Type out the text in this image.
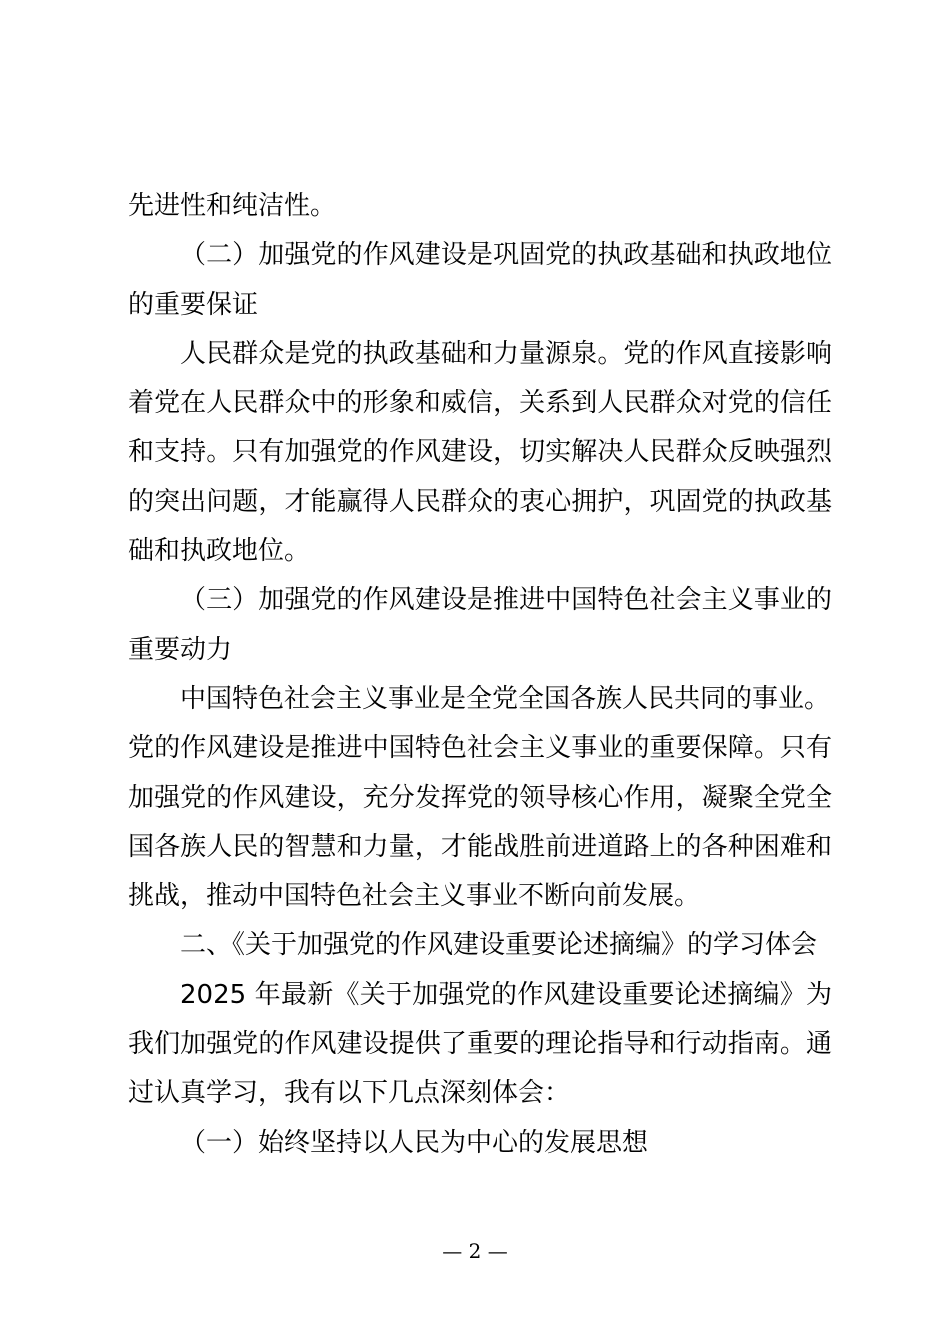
先进性和纯洁性。
（二）加强党的作风建设是巩固党的执政基础和执政地位
的重要保证
人民群众是党的执政基础和力量源泉。党的作风直接影响
着党在人民群众中的形象和威信，关系到人民群众对党的信任
和支持。只有加强党的作风建设，切实解决人民群众反映强烈
的突出问题，才能赢得人民群众的衷心拥护，巩固党的执政基
础和执政地位。
（三）加强党的作风建设是推进中国特色社会主义事业的
重要动力
中国特色社会主义事业是全党全国各族人民共同的事业。
党的作风建设是推进中国特色社会主义事业的重要保障。只有
加强党的作风建设，充分发挥党的领导核心作用，凝聚全党全
国各族人民的智慧和力量，才能战胜前进道路上的各种困难和
挑战，推动中国特色社会主义事业不断向前发展。
二、《关于加强党的作风建设重要论述摘编》的学习体会
2025 年最新《关于加强党的作风建设重要论述摘编》为
我们加强党的作风建设提供了重要的理论指导和行动指南。通
过认真学习，我有以下几点深刻体会：
（一）始终坚持以人民为中心的发展思想
— 2 —
